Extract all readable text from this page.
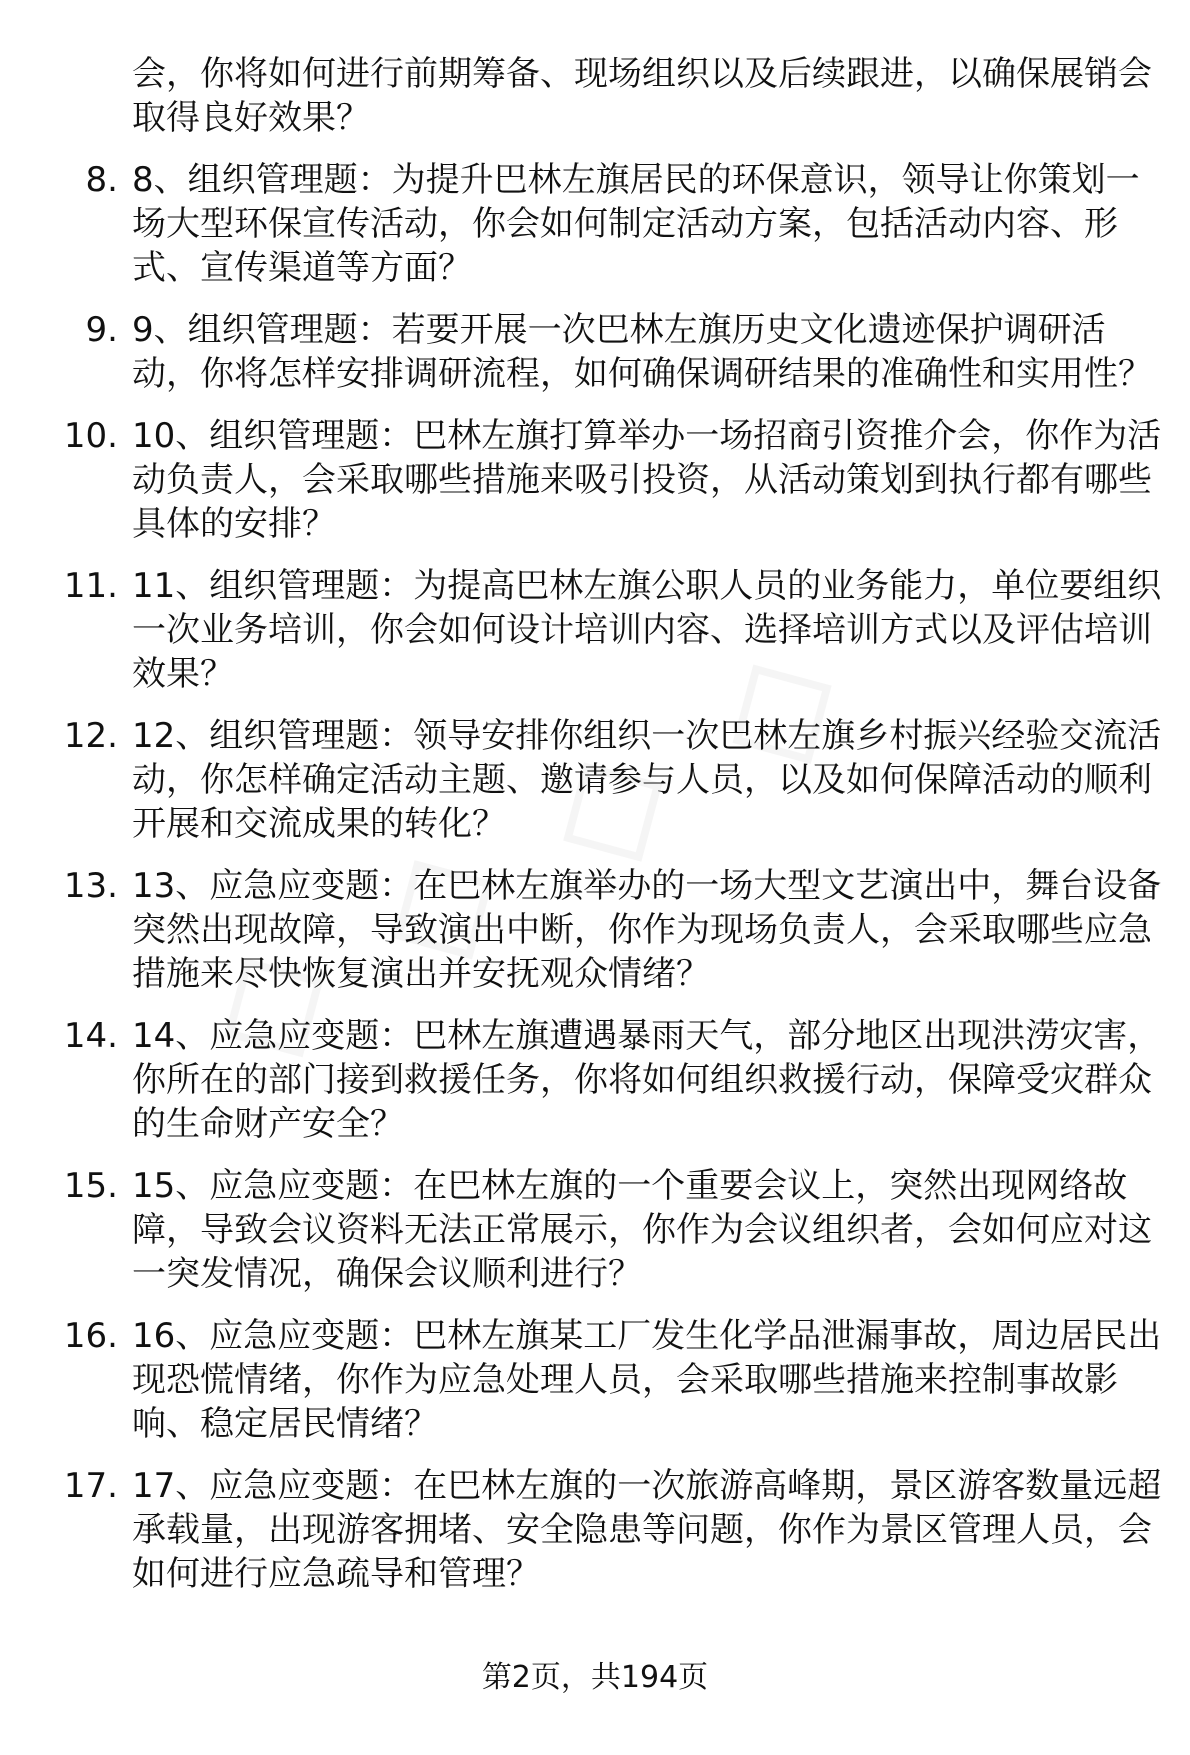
会，你将如何进行前期筹备、现场组织以及后续跟进，以确保展销会取得良好效果？

8. 8、组织管理题：为提升巴林左旗居民的环保意识，领导让你策划一场大型环保宣传活动，你会如何制定活动方案，包括活动内容、形式、宣传渠道等方面？
9. 9、组织管理题：若要开展一次巴林左旗历史文化遗迹保护调研活动，你将怎样安排调研流程，如何确保调研结果的准确性和实用性？
10. 10、组织管理题：巴林左旗打算举办一场招商引资推介会，你作为活动负责人，会采取哪些措施来吸引投资，从活动策划到执行都有哪些具体的安排？
11. 11、组织管理题：为提高巴林左旗公职人员的业务能力，单位要组织一次业务培训，你会如何设计培训内容、选择培训方式以及评估培训效果？
12. 12、组织管理题：领导安排你组织一次巴林左旗乡村振兴经验交流活动，你怎样确定活动主题、邀请参与人员，以及如何保障活动的顺利开展和交流成果的转化？
13. 13、应急应变题：在巴林左旗举办的一场大型文艺演出中，舞台设备突然出现故障，导致演出中断，你作为现场负责人，会采取哪些应急措施来尽快恢复演出并安抚观众情绪？
14. 14、应急应变题：巴林左旗遭遇暴雨天气，部分地区出现洪涝灾害，你所在的部门接到救援任务，你将如何组织救援行动，保障受灾群众的生命财产安全？
15. 15、应急应变题：在巴林左旗的一个重要会议上，突然出现网络故障，导致会议资料无法正常展示，你作为会议组织者，会如何应对这一突发情况，确保会议顺利进行？
16. 16、应急应变题：巴林左旗某工厂发生化学品泄漏事故，周边居民出现恐慌情绪，你作为应急处理人员，会采取哪些措施来控制事故影响、稳定居民情绪？
17. 17、应急应变题：在巴林左旗的一次旅游高峰期，景区游客数量远超承载量，出现游客拥堵、安全隐患等问题，你作为景区管理人员，会如何进行应急疏导和管理？
第2页，共194页
